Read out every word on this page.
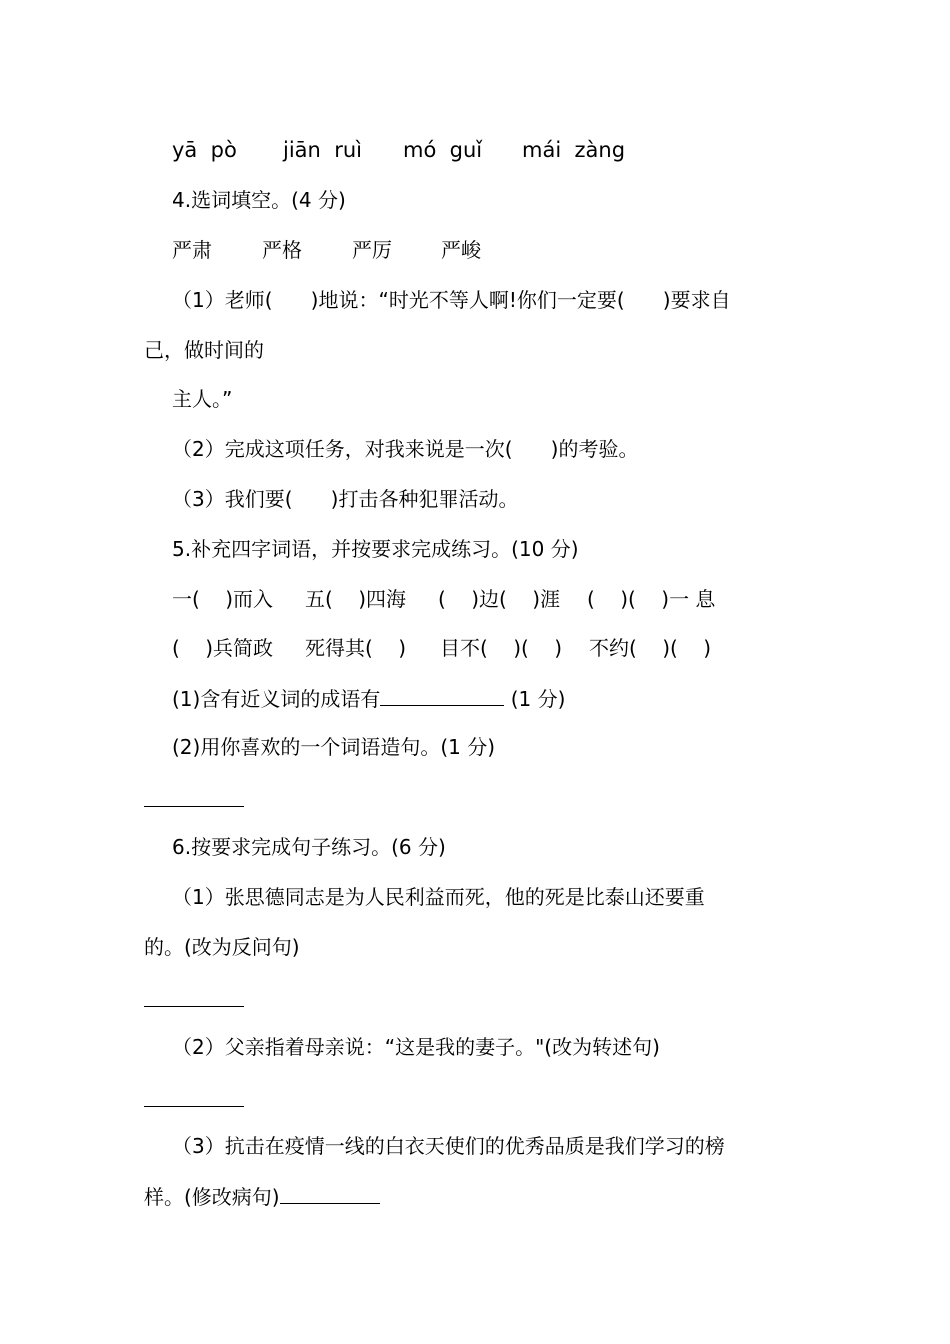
yā  pò jiān  ruì mó  guǐ mái  zàng
4.选词填空。(4 分)
严肃	严格	严厉 严峻
（1）老师(      )地说：“时光不等人啊!你们一定要(      )要求自
己，做时间的
主人。”
（2）完成这项任务，对我来说是一次(      )的考验。
（3）我们要(      )打击各种犯罪活动。
5.补充四字词语，并按要求完成练习。(10 分)
一(    )而入 五(    )四海 (    )边(    )涯 (    )(    )一 息
(    )兵简政 死得其(    ) 目不(    )(    ) 不约(    )(    )
(1)含有近义词的成语有	(1 分)
(2)用你喜欢的一个词语造句。(1 分)
6.按要求完成句子练习。(6 分)
（1）张思德同志是为人民利益而死，他的死是比泰山还要重
的。(改为反问句)
（2）父亲指着母亲说：“这是我的妻子。"(改为转述句)
（3）抗击在疫情一线的白衣天使们的优秀品质是我们学习的榜
样。(修改病句)
